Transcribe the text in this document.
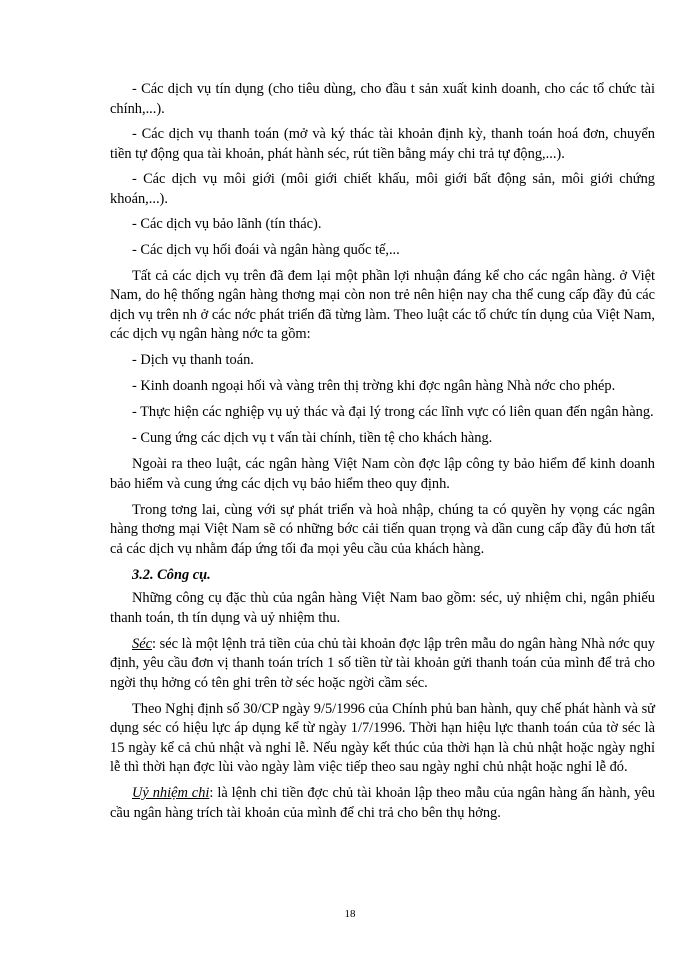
- Các dịch vụ tín dụng (cho tiêu dùng, cho đầu t sản xuất kinh doanh, cho các tổ chức tài chính,...).

- Các dịch vụ thanh toán (mở và ký thác tài khoản định kỳ, thanh toán hoá đơn, chuyển tiền tự động qua tài khoản, phát hành séc, rút tiền bằng máy chi trả tự động,...).

- Các dịch vụ môi giới (môi giới chiết khấu, môi giới bất động sản, môi giới chứng khoán,...).

- Các dịch vụ bảo lãnh (tín thác).

- Các dịch vụ hối đoái và ngân hàng quốc tế,...

Tất cả các dịch vụ trên đã đem lại một phần lợi nhuận đáng kể cho các ngân hàng. ở Việt Nam, do hệ thống ngân hàng thơng mại còn non trẻ nên hiện nay cha thể cung cấp đầy đủ các dịch vụ trên nh ở các nớc phát triển đã từng làm. Theo luật các tổ chức tín dụng của Việt Nam, các dịch vụ ngân hàng nớc ta gồm:

- Dịch vụ thanh toán.

- Kinh doanh ngoại hối và vàng trên thị trờng khi đợc ngân hàng Nhà nớc cho phép.

- Thực hiện các nghiệp vụ uỷ thác và đại lý trong các lĩnh vực có liên quan đến ngân hàng.

- Cung ứng các dịch vụ t vấn tài chính, tiền tệ cho khách hàng.

Ngoài ra theo luật, các ngân hàng Việt Nam còn đợc lập công ty bảo hiểm để kinh doanh bảo hiểm và cung ứng các dịch vụ bảo hiểm theo quy định.

Trong tơng lai, cùng với sự phát triển và hoà nhập, chúng ta có quyền hy vọng các ngân hàng thơng mại Việt Nam sẽ có những bớc cải tiến quan trọng và dần cung cấp đầy đủ hơn tất cả các dịch vụ nhằm đáp ứng tối đa mọi yêu cầu của khách hàng.

3.2. Công cụ.

Những công cụ đặc thù của ngân hàng Việt Nam bao gồm: séc, uỷ nhiệm chi, ngân phiếu thanh toán, th tín dụng và uỷ nhiệm thu.

Séc: séc là một lệnh trả tiền của chủ tài khoản đợc lập trên mẫu do ngân hàng Nhà nớc quy định, yêu cầu đơn vị thanh toán trích 1 số tiền từ tài khoản gửi thanh toán của mình để trả cho ngời thụ hởng có tên ghi trên tờ séc hoặc ngời cầm séc.

Theo Nghị định số 30/CP ngày 9/5/1996 của Chính phủ ban hành, quy chế phát hành và sử dụng séc có hiệu lực áp dụng kể từ ngày 1/7/1996. Thời hạn hiệu lực thanh toán của tờ séc là 15 ngày kể cả chủ nhật và nghỉ lễ. Nếu ngày kết thúc của thời hạn là chủ nhật hoặc ngày nghỉ lễ thì thời hạn đợc lùi vào ngày làm việc tiếp theo sau ngày nghỉ chủ nhật hoặc nghỉ lễ đó.

Uỷ nhiệm chi: là lệnh chi tiền đợc chủ tài khoản lập theo mẫu của ngân hàng ấn hành, yêu cầu ngân hàng trích tài khoản của mình để chi trả cho bên thụ hởng.

18
